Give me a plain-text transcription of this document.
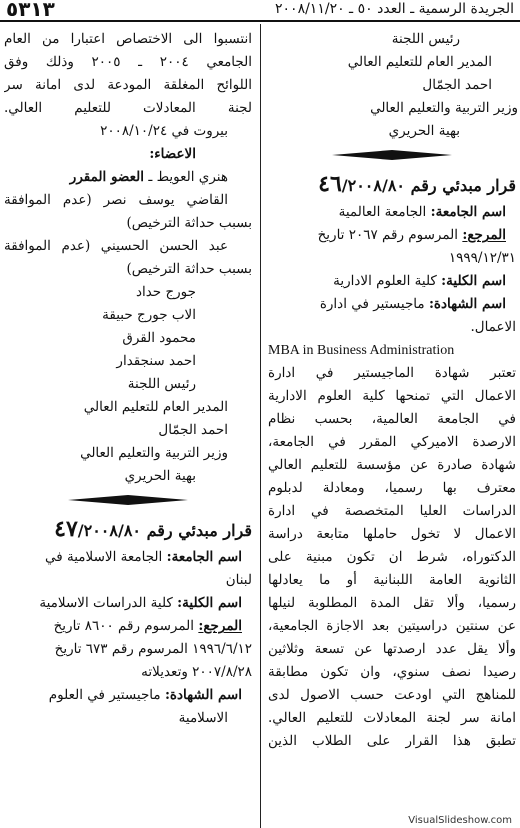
الجريدة الرسمية ـ العدد ٥٠ ـ ٢٠٠٨/١١/٢٠
٥٣١٣
رئيس اللجنة
المدير العام للتعليم العالي
احمد الجمّال
وزير التربية والتعليم العالي
بهية الحريري
قرار مبدئي رقم ٤٦/٢٠٠٨/٨٠
اسم الجامعة: الجامعة العالمية
المرجع: المرسوم رقم ٢٠٦٧ تاريخ
١٩٩٩/١٢/٣١
اسم الكلية: كلية العلوم الادارية
اسم الشهادة: ماجيستير في ادارة
الاعمال.
MBA in Business Administration
تعتبر شهادة الماجيستير في ادارة
الاعمال التي تمنحها كلية العلوم الادارية
في الجامعة العالمية، بحسب نظام
الارصدة الاميركي المقرر في الجامعة،
شهادة صادرة عن مؤسسة للتعليم العالي
معترف بها رسميا، ومعادلة لدبلوم
الدراسات العليا المتخصصة في ادارة
الاعمال لا تخول حاملها متابعة دراسة
الدكتوراه، شرط ان تكون مبنية على
الثانوية العامة اللبنانية أو ما يعادلها
رسميا، وألا تقل المدة المطلوبة لنيلها
عن سنتين دراسيتين بعد الاجازة الجامعية،
وألا يقل عدد ارصدتها عن تسعة وثلاثين
رصيدا نصف سنوي، وان تكون مطابقة
للمناهج التي اودعت حسب الاصول لدى
امانة سر لجنة المعادلات للتعليم العالي.
تطبق هذا القرار على الطلاب الذين
انتسبوا الى الاختصاص اعتبارا من العام
الجامعي ٢٠٠٤ ـ ٢٠٠٥ وذلك وفق
اللوائح المغلقة المودعة لدى امانة سر
لجنة المعادلات للتعليم العالي.
بيروت في ٢٠٠٨/١٠/٢٤
الاعضاء:
هنري العويط ـ العضو المقرر
القاضي يوسف نصر (عدم الموافقة
بسبب حداثة الترخيص)
عبد الحسن الحسيني (عدم الموافقة
بسبب حداثة الترخيص)
جورج حداد
الاب جورج حبيقة
محمود القرق
احمد سنجقدار
رئيس اللجنة
المدير العام للتعليم العالي
احمد الجمّال
وزير التربية والتعليم العالي
بهية الحريري
قرار مبدئي رقم ٤٧/٢٠٠٨/٨٠
اسم الجامعة: الجامعة الاسلامية في
لبنان
اسم الكلية: كلية الدراسات الاسلامية
المرجع: المرسوم رقم ٨٦٠٠ تاريخ
١٩٩٦/٦/١٢ المرسوم رقم ٦٧٣ تاريخ
٢٠٠٧/٨/٢٨ وتعديلاته
اسم الشهادة: ماجيستير في العلوم
الاسلامية
VisualSlideshow.com
